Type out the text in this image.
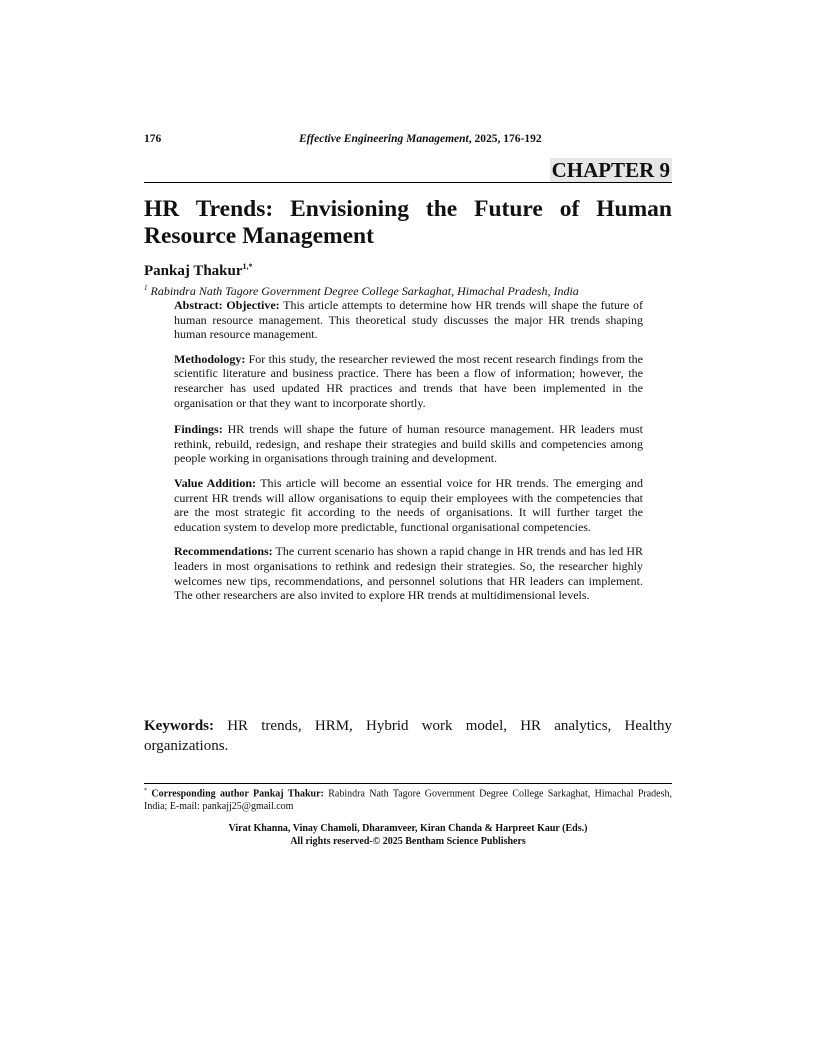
176	Effective Engineering Management, 2025, 176-192
CHAPTER 9
HR Trends: Envisioning the Future of Human
Resource Management
Pankaj Thakur$^{1,*}$
$^1$ Rabindra Nath Tagore Government Degree College Sarkaghat, Himachal Pradesh, India

Abstract: Objective: This article attempts to determine how HR trends will shape the future of human resource management. This theoretical study discusses the major HR trends shaping human resource management.

Methodology: For this study, the researcher reviewed the most recent research findings from the scientific literature and business practice. There has been a flow of information; however, the researcher has used updated HR practices and trends that have been implemented in the organisation or that they want to incorporate shortly.

Findings: HR trends will shape the future of human resource management. HR leaders must rethink, rebuild, redesign, and reshape their strategies and build skills and competencies among people working in organisations through training and development.

Value Addition: This article will become an essential voice for HR trends. The emerging and current HR trends will allow organisations to equip their employees with the competencies that are the most strategic fit according to the needs of organisations. It will further target the education system to develop more predictable, functional organisational competencies.

Recommendations: The current scenario has shown a rapid change in HR trends and has led HR leaders in most organisations to rethink and redesign their strategies. So, the researcher highly welcomes new tips, recommendations, and personnel solutions that HR leaders can implement. The other researchers are also invited to explore HR trends at multidimensional levels.

Keywords: HR trends, HRM, Hybrid work model, HR analytics, Healthy organizations.
* Corresponding author Pankaj Thakur: Rabindra Nath Tagore Government Degree College Sarkaghat, Himachal Pradesh, India; E-mail: pankajj25@gmail.com
Virat Khanna, Vinay Chamoli, Dharamveer, Kiran Chanda & Harpreet Kaur (Eds.)
All rights reserved-© 2025 Bentham Science Publishers
